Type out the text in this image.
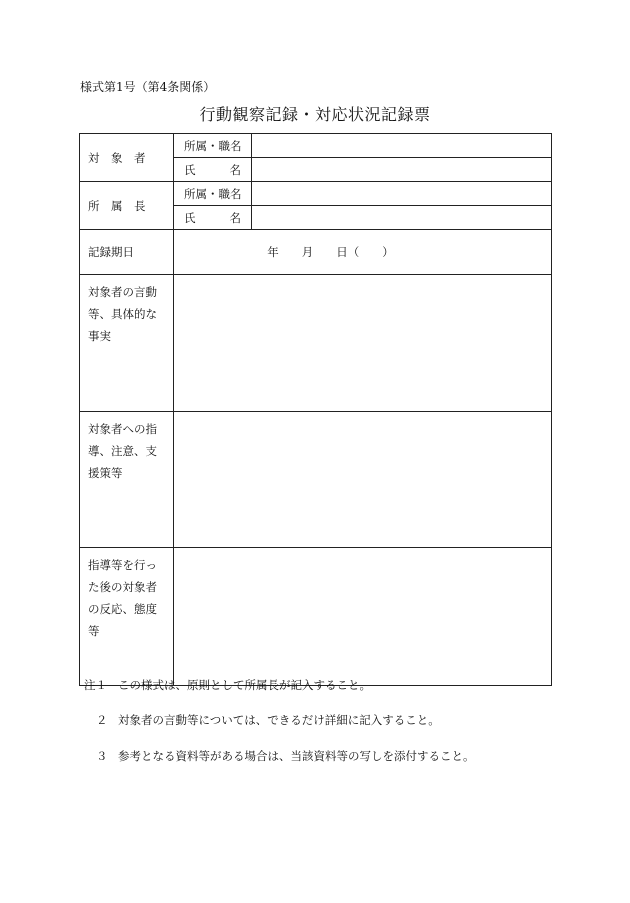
様式第1号（第4条関係）
行動観察記録・対応状況記録票
対　象　者	所属・職名	

	氏 名	

所　属　長	所属・職名	

	氏 名	

記録期日	年　　月　　日（　　）	

対象者の言動等、具体的な事実		

対象者への指導、注意、支援策等		

指導等を行った後の対象者の反応、態度等		

注１ この様式は、原則として所属長が記入すること。
２ 対象者の言動等については、できるだけ詳細に記入すること。
３ 参考となる資料等がある場合は、当該資料等の写しを添付すること。
